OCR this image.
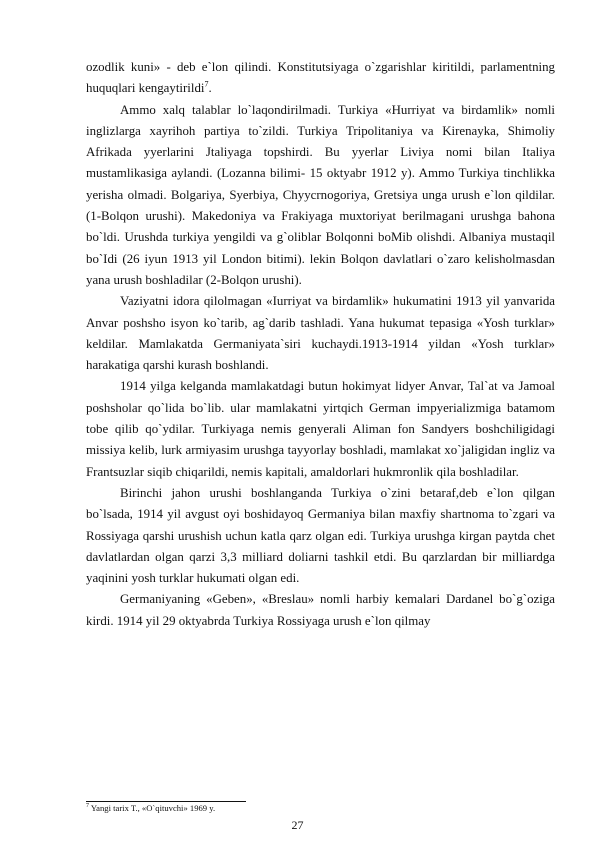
ozodlik kuni» - deb e`lon qilindi. Konstitutsiyaga o`zgarishlar kiritildi, parlamentning huquqlari kengaytirildi$^7$.

Ammo xalq talablar lo`laqondirilmadi. Turkiya «Hurriyat va birdamlik» nomli inglizlarga xayrihoh partiya to`zildi. Turkiya Tripolitaniya va Kirenayka, Shimoliy Afrikada yyerlarini Jtaliyaga topshirdi. Bu yyerlar Liviya nomi bilan Italiya mustamlikasiga aylandi. (Lozanna bilimi- 15 oktyabr 1912 y). Ammo Turkiya tinchlikka yerisha olmadi. Bolgariya, Syerbiya, Chyycrnogoriya, Gretsiya unga urush e`lon qildilar. (1-Bolqon urushi). Makedoniya va Frakiyaga muxtoriyat berilmagani urushga bahona bo`ldi. Urushda turkiya yengildi va g`oliblar Bolqonni boMib olishdi. Albaniya mustaqil bo`Idi (26 iyun 1913 yil London bitimi). lekin Bolqon davlatlari o`zaro kelisholmasdan yana urush boshladilar (2-Bolqon urushi).

Vaziyatni idora qilolmagan «Iurriyat va birdamlik» hukumatini 1913 yil yanvarida Anvar poshsho isyon ko`tarib, ag`darib tashladi. Yana hukumat tepasiga «Yosh turklar» keldilar. Mamlakatda Germaniyata`siri kuchaydi.1913-1914 yildan «Yosh turklar» harakatiga qarshi kurash boshlandi.

1914 yilga kelganda mamlakatdagi butun hokimyat lidyer Anvar, Tal`at va Jamoal poshsholar qo`lida bo`lib. ular mamlakatni yirtqich German impyerializmiga batamom tobe qilib qo`ydilar. Turkiyaga nemis genyerali Aliman fon Sandyers boshchiligidagi missiya kelib, lurk armiyasim urushga tayyorlay boshladi, mamlakat xo`jaligidan ingliz va Frantsuzlar siqib chiqarildi, nemis kapitali, amaldorlari hukmronlik qila boshladilar.

Birinchi jahon urushi boshlanganda Turkiya o`zini betaraf,deb e`lon qilgan bo`lsada, 1914 yil avgust oyi boshidayoq Germaniya bilan maxfiy shartnoma to`zgari va Rossiyaga qarshi urushish uchun katla qarz olgan edi. Turkiya urushga kirgan paytda chet davlatlardan olgan qarzi 3,3 milliard doliarni tashkil etdi. Bu qarzlardan bir milliardga yaqinini yosh turklar hukumati olgan edi.

Germaniyaning «Geben», «Breslau» nomli harbiy kemalari Dardanel bo`g`oziga kirdi. 1914 yil 29 oktyabrda Turkiya Rossiyaga urush e`lon qilmay

$^7$ Yangi tarix T., «O`qituvchi» 1969 y.
27
